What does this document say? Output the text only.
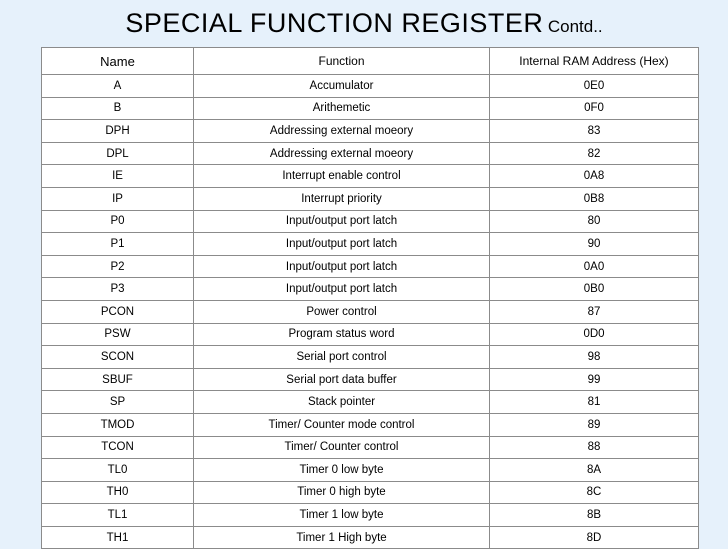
SPECIAL FUNCTION REGISTER Contd..
Name	Function	Internal RAM Address (Hex)
A	Accumulator	0E0
B	Arithemetic	0F0
DPH	Addressing external moeory	83
DPL	Addressing external moeory	82
IE	Interrupt enable control	0A8
IP	Interrupt priority	0B8
P0	Input/output port latch	80
P1	Input/output port latch	90
P2	Input/output port latch	0A0
P3	Input/output port latch	0B0
PCON	Power control	87
PSW	Program status word	0D0
SCON	Serial port control	98
SBUF	Serial port data buffer	99
SP	Stack pointer	81
TMOD	Timer/ Counter mode control	89
TCON	Timer/ Counter control	88
TL0	Timer 0 low byte	8A
TH0	Timer 0 high byte	8C
TL1	Timer 1 low byte	8B
TH1	Timer 1 High byte	8D
